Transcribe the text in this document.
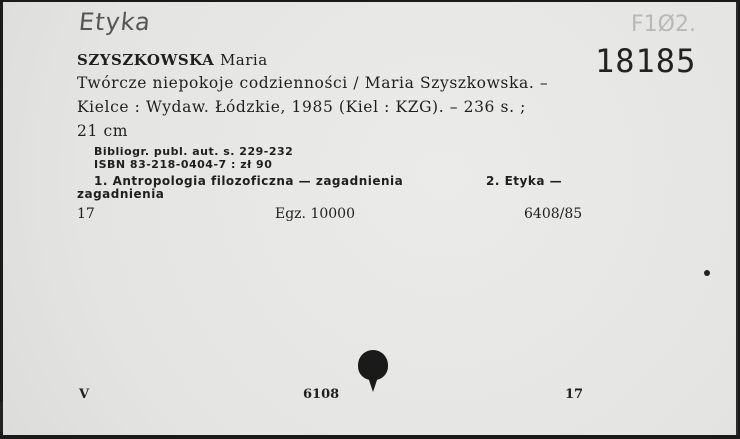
Etyka	F1Ø2.
18185
SZYSZKOWSKA Maria
Twórcze niepokoje codzienności / Maria Szyszkowska. –
Kielce : Wydaw. Łódzkie, 1985 (Kiel : KZG). – 236 s. ;
21 cm
Bibliogr. publ. aut. s. 229-232
ISBN 83-218-0404-7 : zł 90
1. Antropologia filozoficzna — zagadnienia	2. Etyka —
zagadnienia
17	Egz. 10000	6408/85
V	6108	17
